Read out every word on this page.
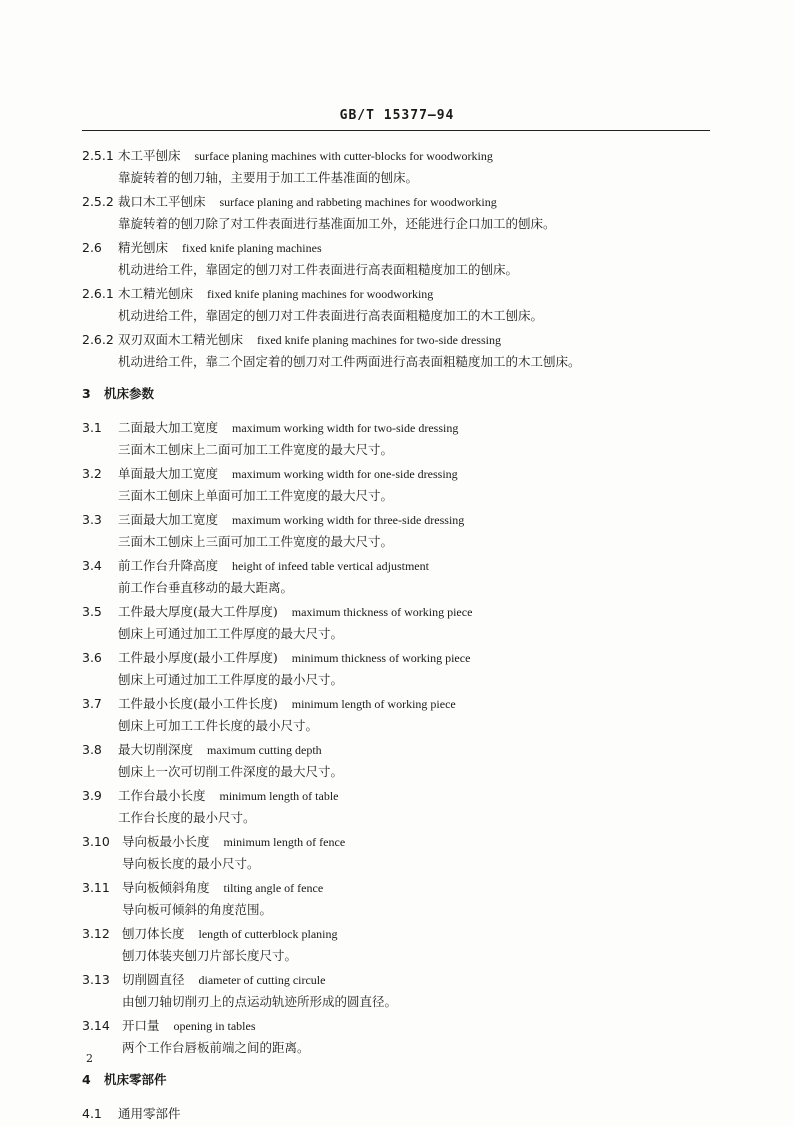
GB/T 15377—94
2.5.1 木工平刨床 surface planing machines with cutter-blocks for woodworking
靠旋转着的刨刀轴，主要用于加工工件基准面的刨床。
2.5.2 裁口木工平刨床 surface planing and rabbeting machines for woodworking
靠旋转着的刨刀除了对工件表面进行基准面加工外，还能进行企口加工的刨床。
2.6	精光刨床 fixed knife planing machines
机动进给工件，靠固定的刨刀对工件表面进行高表面粗糙度加工的刨床。
2.6.1 木工精光刨床 fixed knife planing machines for woodworking
机动进给工件，靠固定的刨刀对工件表面进行高表面粗糙度加工的木工刨床。
2.6.2 双刃双面木工精光刨床 fixed knife planing machines for two-side dressing
机动进给工件，靠二个固定着的刨刀对工件两面进行高表面粗糙度加工的木工刨床。
3 机床参数
3.1	二面最大加工宽度 maximum working width for two-side dressing
三面木工刨床上二面可加工工件宽度的最大尺寸。
3.2	单面最大加工宽度 maximum working width for one-side dressing
三面木工刨床上单面可加工工件宽度的最大尺寸。
3.3	三面最大加工宽度 maximum working width for three-side dressing
三面木工刨床上三面可加工工件宽度的最大尺寸。
3.4	前工作台升降高度 height of infeed table vertical adjustment
前工作台垂直移动的最大距离。
3.5	工件最大厚度(最大工件厚度) maximum thickness of working piece
刨床上可通过加工工件厚度的最大尺寸。
3.6	工件最小厚度(最小工件厚度) minimum thickness of working piece
刨床上可通过加工工件厚度的最小尺寸。
3.7	工件最小长度(最小工件长度) minimum length of working piece
刨床上可加工工件长度的最小尺寸。
3.8	最大切削深度 maximum cutting depth
刨床上一次可切削工件深度的最大尺寸。
3.9	工作台最小长度 minimum length of table
工作台长度的最小尺寸。
3.10 导向板最小长度 minimum length of fence
导向板长度的最小尺寸。
3.11 导向板倾斜角度 tilting angle of fence
导向板可倾斜的角度范围。
3.12 刨刀体长度 length of cutterblock planing
刨刀体装夹刨刀片部长度尺寸。
3.13 切削圆直径 diameter of cutting circule
由刨刀轴切削刃上的点运动轨迹所形成的圆直径。
3.14 开口量 opening in tables
两个工作台唇板前端之间的距离。
4 机床零部件
4.1 通用零部件
2
